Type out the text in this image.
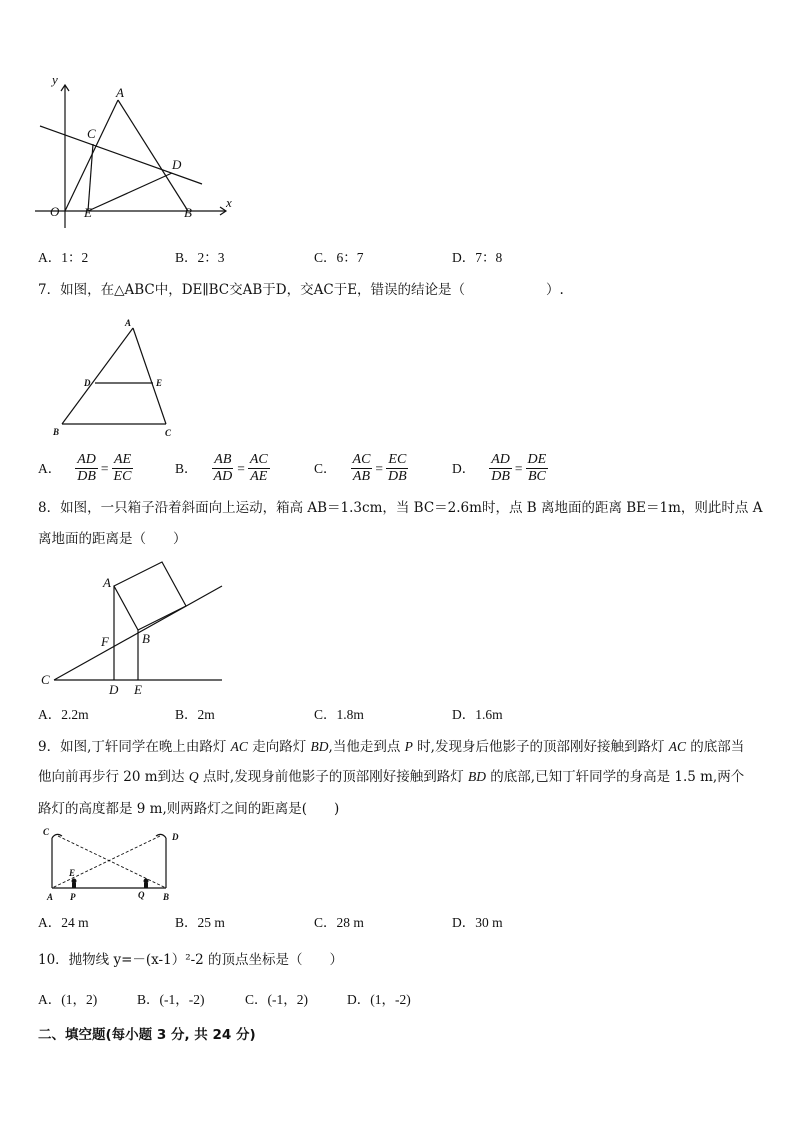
y
x
A
C
D
O E	B
A．1：2	B．2：3	C．6：7	D．7：8
7．如图，在△ABC中，DE∥BC交AB于D，交AC于E，错误的结论是（　　　　　　）.
A
D	E
B	C
A． $\frac{AD}{DB} = \frac{AE}{EC}$	B． $\frac{AB}{AD} = \frac{AC}{AE}$	C． $\frac{AC}{AB} = \frac{EC}{DB}$	D． $\frac{AD}{DB} = \frac{DE}{BC}$
8．如图，一只箱子沿着斜面向上运动，箱高 AB＝1.3cm，当 BC＝2.6m时，点 B 离地面的距离 BE＝1m，则此时点 A
离地面的距离是（　　）
A
F	B
C
D E
A．2.2m	B．2m	C．1.8m	D．1.6m
9．如图,丁轩同学在晚上由路灯 AC 走向路灯 BD,当他走到点 P 时,发现身后他影子的顶部刚好接触到路灯 AC 的底部当
他向前再步行 20 m到达 Q 点时,发现身前他影子的顶部刚好接触到路灯 BD 的底部,已知丁轩同学的身高是 1.5 m,两个
路灯的高度都是 9 m,则两路灯之间的距离是(　　)
C	D
E
A P	Q B
A．24 m	B．25 m	C．28 m	D．30 m
10．抛物线 y=－(x-1）²-2 的顶点坐标是（　　）
A．(1，2)	B．(-1，-2)	C．(-1，2)	D．(1，-2)
二、填空题(每小题 3 分, 共 24 分)
